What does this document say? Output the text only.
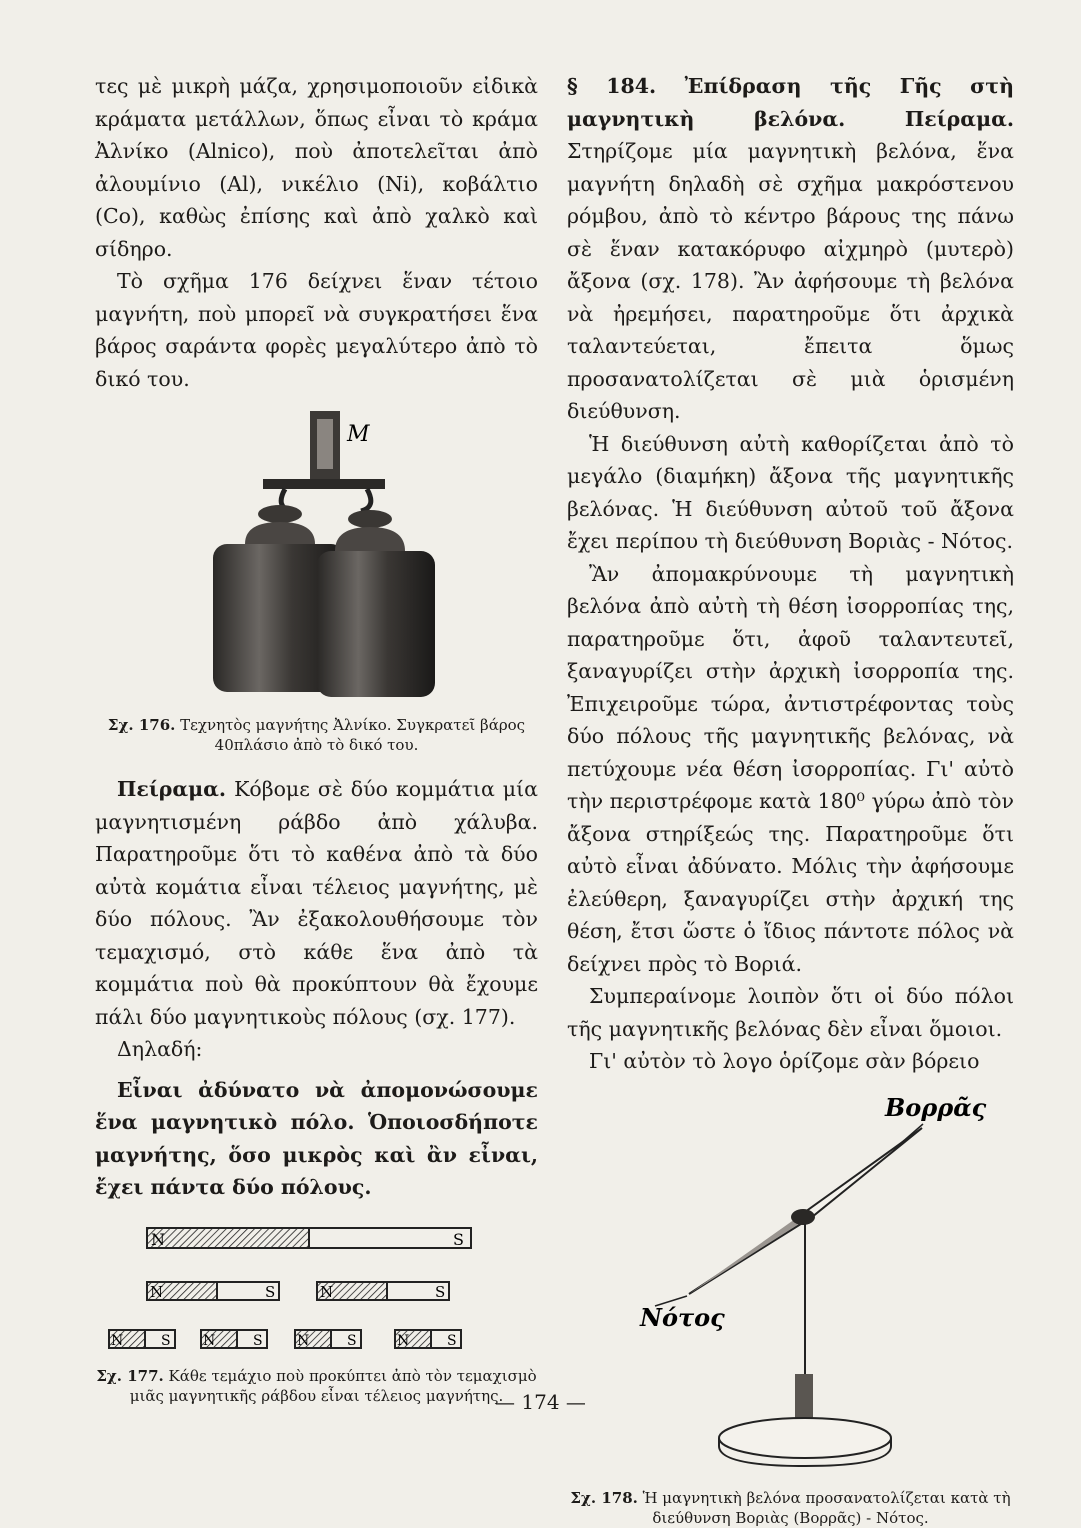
τες μὲ μικρὴ μάζα, χρησιμοποιοῦν εἰδικὰ κράματα μετάλλων, ὅπως εἶναι τὸ κράμα Ἀλνίκο (Alnico), ποὺ ἀποτελεῖται ἀπὸ ἀλουμίνιο (Al), νικέλιο (Ni), κοβάλτιο (Co), καθὼς ἐπίσης καὶ ἀπὸ χαλκὸ καὶ σίδηρο.

Τὸ σχῆμα 176 δείχνει ἕναν τέτοιο μαγνήτη, ποὺ μπορεῖ νὰ συγκρατήσει ἕνα βάρος σαράντα φορὲς μεγαλύτερο ἀπὸ τὸ δικό του.

M

Σχ. 176. Τεχνητὸς μαγνήτης Ἀλνίκο. Συγκρατεῖ βάρος 40πλάσιο ἀπὸ τὸ δικό του.

Πείραμα. Κόβομε σὲ δύο κομμάτια μία μαγνητισμένη ράβδο ἀπὸ χάλυβα. Παρατηροῦμε ὅτι τὸ καθένα ἀπὸ τὰ δύο αὐτὰ κομάτια εἶναι τέλειος μαγνήτης, μὲ δύο πόλους. Ἂν ἐξακολουθήσουμε τὸν τεμαχισμό, στὸ κάθε ἕνα ἀπὸ τὰ κομμάτια ποὺ θὰ προκύπτουν θὰ ἔχουμε πάλι δύο μαγνητικοὺς πόλους (σχ. 177).

Δηλαδή:

Εἶναι ἀδύνατο νὰ ἀπομονώσουμε ἕνα μαγνητικὸ πόλο. Ὁποιοσδήποτε μαγνήτης, ὅσο μικρὸς καὶ ἂν εἶναι, ἔχει πάντα δύο πόλους.

N	S
N	S	N	S
N	S N	S N	S	N	S

Σχ. 177. Κάθε τεμάχιο ποὺ προκύπτει ἀπὸ τὸν τεμαχισμὸ μιᾶς μαγνητικῆς ράβδου εἶναι τέλειος μαγνήτης.

§ 184. Ἐπίδραση τῆς Γῆς στὴ μαγνητικὴ βελόνα. Πείραμα. Στηρίζομε μία μαγνητικὴ βελόνα, ἕνα μαγνήτη δηλαδὴ σὲ σχῆμα μακρόστενου ρόμβου, ἀπὸ τὸ κέντρο βάρους της πάνω σὲ ἕναν κατακόρυφο αἰχμηρὸ (μυτερὸ) ἄξονα (σχ. 178). Ἂν ἀφήσουμε τὴ βελόνα νὰ ἠρεμήσει, παρατηροῦμε ὅτι ἀρχικὰ ταλαντεύεται, ἔπειτα ὅμως προσανατολίζεται σὲ μιὰ ὁρισμένη διεύθυνση.

Ἡ διεύθυνση αὐτὴ καθορίζεται ἀπὸ τὸ μεγάλο (διαμήκη) ἄξονα τῆς μαγνητικῆς βελόνας. Ἡ διεύθυνση αὐτοῦ τοῦ ἄξονα ἔχει περίπου τὴ διεύθυνση Βοριὰς - Νότος.

Ἂν ἀπομακρύνουμε τὴ μαγνητικὴ βελόνα ἀπὸ αὐτὴ τὴ θέση ἰσορροπίας της, παρατηροῦμε ὅτι, ἀφοῦ ταλαντευτεῖ, ξαναγυρίζει στὴν ἀρχικὴ ἰσορροπία της. Ἐπιχειροῦμε τώρα, ἀντιστρέφοντας τοὺς δύο πόλους τῆς μαγνητικῆς βελόνας, νὰ πετύχουμε νέα θέση ἰσορροπίας. Γι' αὐτὸ τὴν περιστρέφομε κατὰ 180⁰ γύρω ἀπὸ τὸν ἄξονα στηρίξεώς της. Παρατηροῦμε ὅτι αὐτὸ εἶναι ἀδύνατο. Μόλις τὴν ἀφήσουμε ἐλεύθερη, ξαναγυρίζει στὴν ἀρχική της θέση, ἔτσι ὥστε ὁ ἴδιος πάντοτε πόλος νὰ δείχνει πρὸς τὸ Βοριά.

Συμπεραίνομε λοιπὸν ὅτι οἱ δύο πόλοι τῆς μαγνητικῆς βελόνας δὲν εἶναι ὅμοιοι.

Γι' αὐτὸν τὸ λογο ὁρίζομε σὰν βόρειο

Βορρᾶς
Νότος

Σχ. 178. Ἡ μαγνητικὴ βελόνα προσανατολίζεται κατὰ τὴ διεύθυνση Βοριὰς (Βορρᾶς) - Νότος.

— 174 —
